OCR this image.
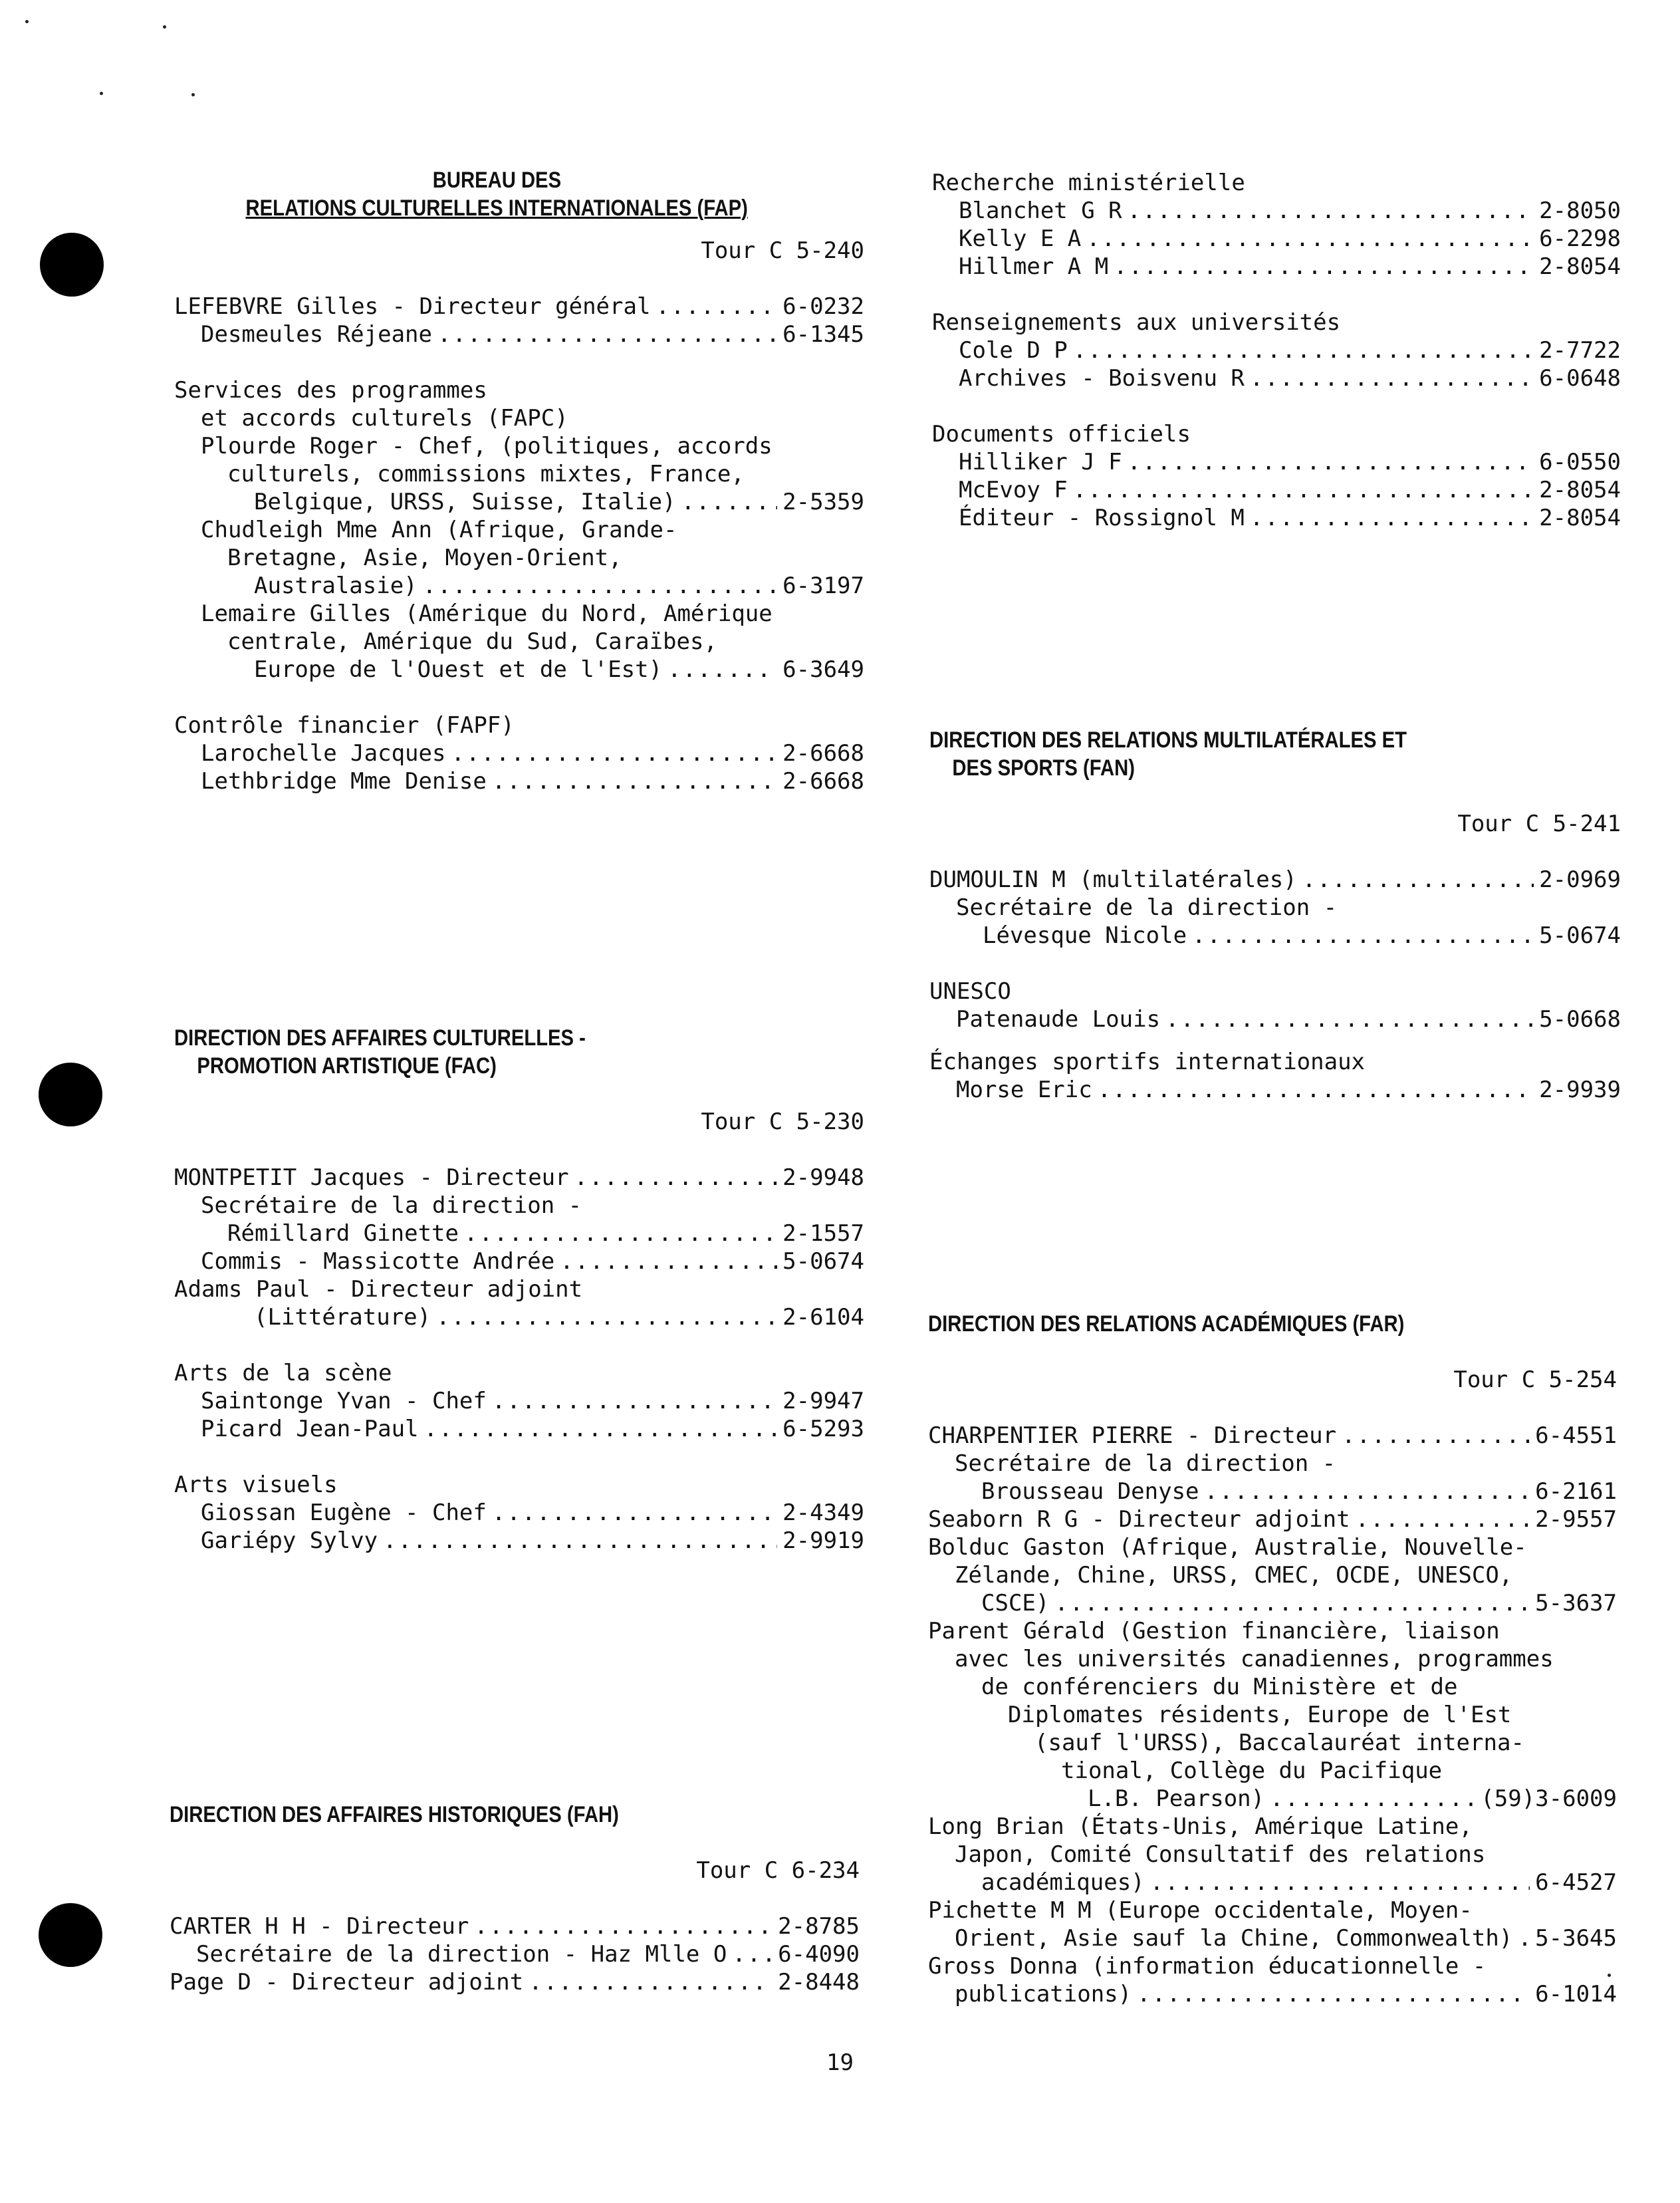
BUREAU DES
RELATIONS CULTURELLES INTERNATIONALES (FAP)
Tour C 5-240
LEFEBVRE Gilles - Directeur général .....	6-0232
Desmeules Réjeane .....	6-1345
Services des programmes
et accords culturels (FAPC)
Plourde Roger - Chef, (politiques, accords
culturels, commissions mixtes, France,
Belgique, URSS, Suisse, Italie) .....	2-5359
Chudleigh Mme Ann (Afrique, Grande-
Bretagne, Asie, Moyen-Orient,
Australasie) .....	6-3197
Lemaire Gilles (Amérique du Nord, Amérique
centrale, Amérique du Sud, Caraïbes,
Europe de l'Ouest et de l'Est) .....	6-3649
Contrôle financier (FAPF)
Larochelle Jacques .....	2-6668
Lethbridge Mme Denise .....	2-6668
DIRECTION DES AFFAIRES CULTURELLES -
PROMOTION ARTISTIQUE (FAC)
Tour C 5-230
MONTPETIT Jacques - Directeur .....	2-9948
Secrétaire de la direction -
Rémillard Ginette .....	2-1557
Commis - Massicotte Andrée .....	5-0674
Adams Paul - Directeur adjoint
(Littérature) .....	2-6104
Arts de la scène
Saintonge Yvan - Chef .....	2-9947
Picard Jean-Paul .....	6-5293
Arts visuels
Giossan Eugène - Chef .....	2-4349
Gariépy Sylvy .....	2-9919
DIRECTION DES AFFAIRES HISTORIQUES (FAH)
Tour C 6-234
CARTER H H - Directeur .....	2-8785
Secrétaire de la direction - Haz Mlle O ..... 6-4090
Page D - Directeur adjoint .....	2-8448
Recherche ministérielle
Blanchet G R .....	2-8050
Kelly E A .....	6-2298
Hillmer A M .....	2-8054
Renseignements aux universités
Cole D P .....	2-7722
Archives - Boisvenu R .....	6-0648
Documents officiels
Hilliker J F .....	6-0550
McEvoy F .....	2-8054
Éditeur - Rossignol M .....	2-8054
DIRECTION DES RELATIONS MULTILATÉRALES ET
DES SPORTS (FAN)
Tour C 5-241
DUMOULIN M (multilatérales) .....	2-0969
Secrétaire de la direction -
Lévesque Nicole .....	5-0674
UNESCO
Patenaude Louis .....	5-0668
Échanges sportifs internationaux
Morse Eric .....	2-9939
DIRECTION DES RELATIONS ACADÉMIQUES (FAR)
Tour C 5-254
CHARPENTIER PIERRE - Directeur .....	6-4551
Secrétaire de la direction -
Brousseau Denyse .....	6-2161
Seaborn R G - Directeur adjoint .....	2-9557
Bolduc Gaston (Afrique, Australie, Nouvelle-
Zélande, Chine, URSS, CMEC, OCDE, UNESCO,
CSCE) .....	5-3637
Parent Gérald (Gestion financière, liaison
avec les universités canadiennes, programmes
de conférenciers du Ministère et de
Diplomates résidents, Europe de l'Est
(sauf l'URSS), Baccalauréat interna-
tional, Collège du Pacifique
L.B. Pearson) .....	(59)3-6009
Long Brian (États-Unis, Amérique Latine,
Japon, Comité Consultatif des relations
académiques) .....	6-4527
Pichette M M (Europe occidentale, Moyen-
Orient, Asie sauf la Chine, Commonwealth) ..... 5-3645
Gross Donna (information éducationnelle -
publications) .....	6-1014
19
